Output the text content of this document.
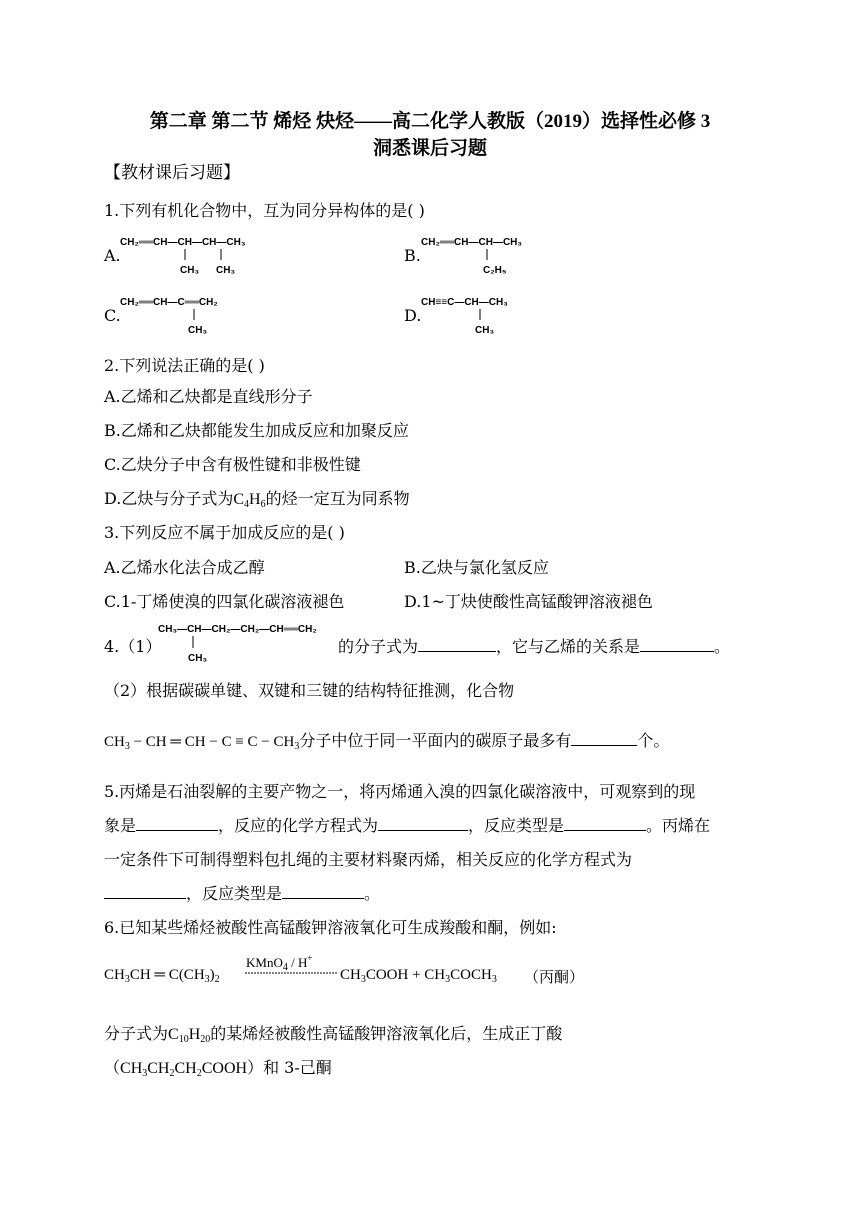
第二章 第二节 烯烃 炔烃——高二化学人教版（2019）选择性必修 3
洞悉课后习题
【教材课后习题】
1.下列有机化合物中，互为同分异构体的是( )
A.
CH₂══CH—CH—CH—CH₃
CH₃ CH₃
B.
CH₂══CH—CH—CH₃
C₂H₅
C.
CH₂══CH—C══CH₂
CH₃
D.
CH≡≡C—CH—CH₃
CH₃
2.下列说法正确的是( )
A.乙烯和乙炔都是直线形分子
B.乙烯和乙炔都能发生加成反应和加聚反应
C.乙炔分子中含有极性键和非极性键
D.乙炔与分子式为$C_4H_6$的烃一定互为同系物
3.下列反应不属于加成反应的是( )
A.乙烯水化法合成乙醇	B.乙炔与氯化氢反应
C.1-丁烯使溴的四氯化碳溶液褪色	D.1~丁炔使酸性高锰酸钾溶液褪色
4.（1）
CH₃—CH—CH₂—CH₂—CH══CH₂
CH₃
的分子式为	，它与乙烯的关系是	。
（2）根据碳碳单键、双键和三键的结构特征推测，化合物
$CH_3$ − CH ═ CH − $C \equiv C - CH_3$分子中位于同一平面内的碳原子最多有	个。
5.丙烯是石油裂解的主要产物之一，将丙烯通入溴的四氯化碳溶液中，可观察到的现
象是	，反应的化学方程式为	，反应类型是	。丙烯在
一定条件下可制得塑料包扎绳的主要材料聚丙烯，相关反应的化学方程式为
，反应类型是	。
6.已知某些烯烃被酸性高锰酸钾溶液氧化可生成羧酸和酮，例如:
$CH_3CH$ ═ $C(CH_3)_2$
KMnO$_4$ / H+
$CH_3COOH$ + $CH_3COCH_3$ （丙酮）
分子式为$C_{10}H_{20}$的某烯烃被酸性高锰酸钾溶液氧化后，生成正丁酸
$(CH_3CH_2CH_2COOH)$和 3-己酮
